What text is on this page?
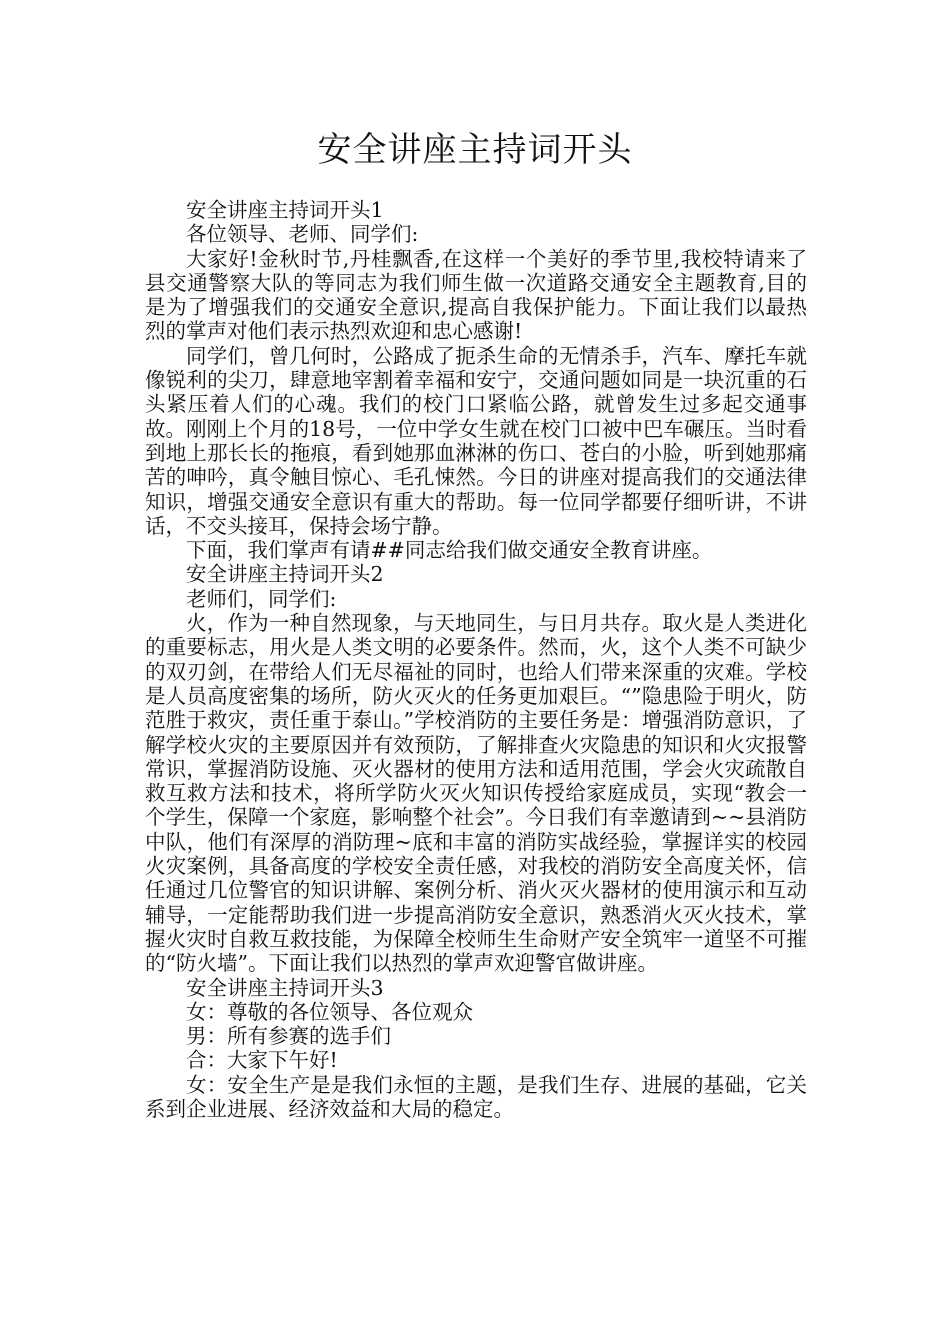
安全讲座主持词开头

安全讲座主持词开头1

各位领导、老师、同学们:

大家好!金秋时节,丹桂飘香,在这样一个美好的季节里,我校特请来了县交通警察大队的等同志为我们师生做一次道路交通安全主题教育,目的是为了增强我们的交通安全意识,提高自我保护能力。下面让我们以最热烈的掌声对他们表示热烈欢迎和忠心感谢!

同学们，曾几何时，公路成了扼杀生命的无情杀手，汽车、摩托车就像锐利的尖刀，肆意地宰割着幸福和安宁，交通问题如同是一块沉重的石头紧压着人们的心魂。我们的校门口紧临公路，就曾发生过多起交通事故。刚刚上个月的18号，一位中学女生就在校门口被中巴车碾压。当时看到地上那长长的拖痕，看到她那血淋淋的伤口、苍白的小脸，听到她那痛苦的呻吟，真令触目惊心、毛孔悚然。今日的讲座对提高我们的交通法律知识，增强交通安全意识有重大的帮助。每一位同学都要仔细听讲，不讲话，不交头接耳，保持会场宁静。

下面，我们掌声有请##同志给我们做交通安全教育讲座。

安全讲座主持词开头2

老师们，同学们:

火，作为一种自然现象，与天地同生，与日月共存。取火是人类进化的重要标志，用火是人类文明的必要条件。然而，火，这个人类不可缺少的双刃剑，在带给人们无尽福祉的同时，也给人们带来深重的灾难。学校是人员高度密集的场所，防火灭火的任务更加艰巨。“”隐患险于明火，防范胜于救灾，责任重于泰山。”学校消防的主要任务是：增强消防意识，了解学校火灾的主要原因并有效预防，了解排查火灾隐患的知识和火灾报警常识，掌握消防设施、灭火器材的使用方法和适用范围，学会火灾疏散自救互救方法和技术，将所学防火灭火知识传授给家庭成员，实现“教会一个学生，保障一个家庭，影响整个社会”。今日我们有幸邀请到~~县消防中队，他们有深厚的消防理~底和丰富的消防实战经验，掌握详实的校园火灾案例，具备高度的学校安全责任感，对我校的消防安全高度关怀，信任通过几位警官的知识讲解、案例分析、消火灭火器材的使用演示和互动辅导，一定能帮助我们进一步提高消防安全意识，熟悉消火灭火技术，掌握火灾时自救互救技能，为保障全校师生生命财产安全筑牢一道坚不可摧的“防火墙”。下面让我们以热烈的掌声欢迎警官做讲座。

安全讲座主持词开头3

女：尊敬的各位领导、各位观众

男：所有参赛的选手们

合：大家下午好!

女：安全生产是是我们永恒的主题，是我们生存、进展的基础，它关系到企业进展、经济效益和大局的稳定。
